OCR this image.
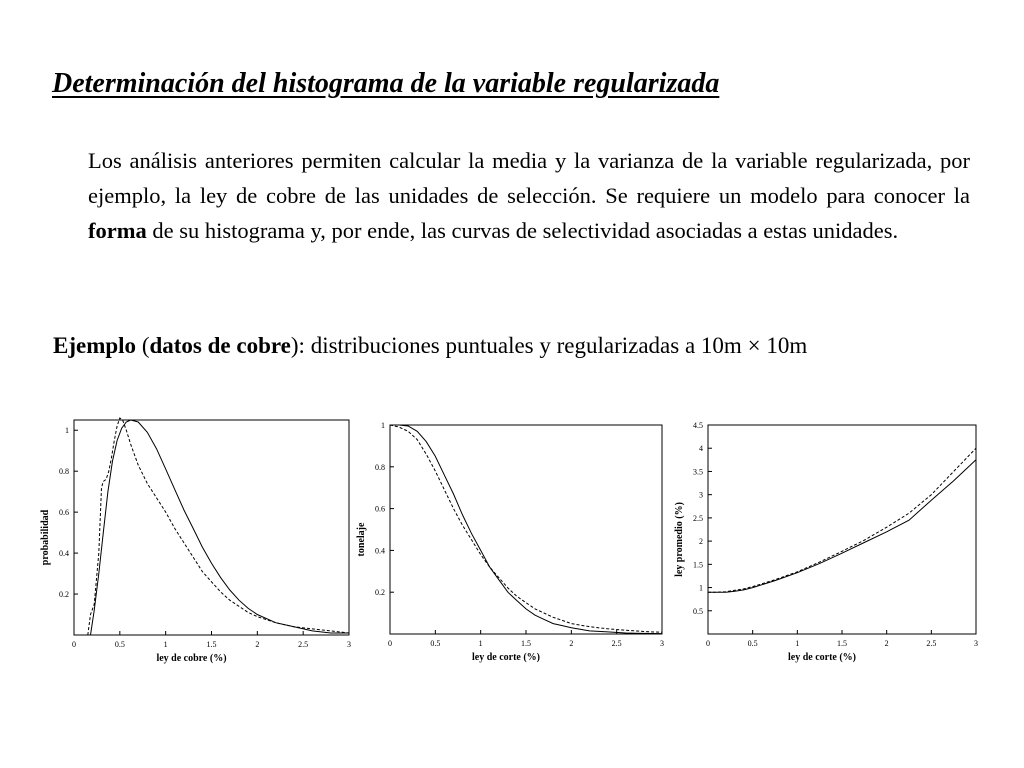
Determinación del histograma de la variable regularizada

Los análisis anteriores permiten calcular la media y la varianza de la variable regularizada, por ejemplo, la ley de cobre de las unidades de selección. Se requiere un modelo para conocer la forma de su histograma y, por ende, las curvas de selectividad asociadas a estas unidades.

Ejemplo (datos de cobre): distribuciones puntuales y regularizadas a 10m × 10m

0	0.5	1	1.5	2	2.5	3
0.2
0.4
0.6
0.8
1
ley de cobre (%)
probabilidad
0	0.5	1	1.5	2	2.5	3
0.2
0.4
0.6
0.8
1
ley de corte (%)
tonelaje
0	0.5	1	1.5	2	2.5	3
0.5
1
1.5
2
2.5
3
3.5
4
4.5
ley de corte (%)
ley promedio (%)
